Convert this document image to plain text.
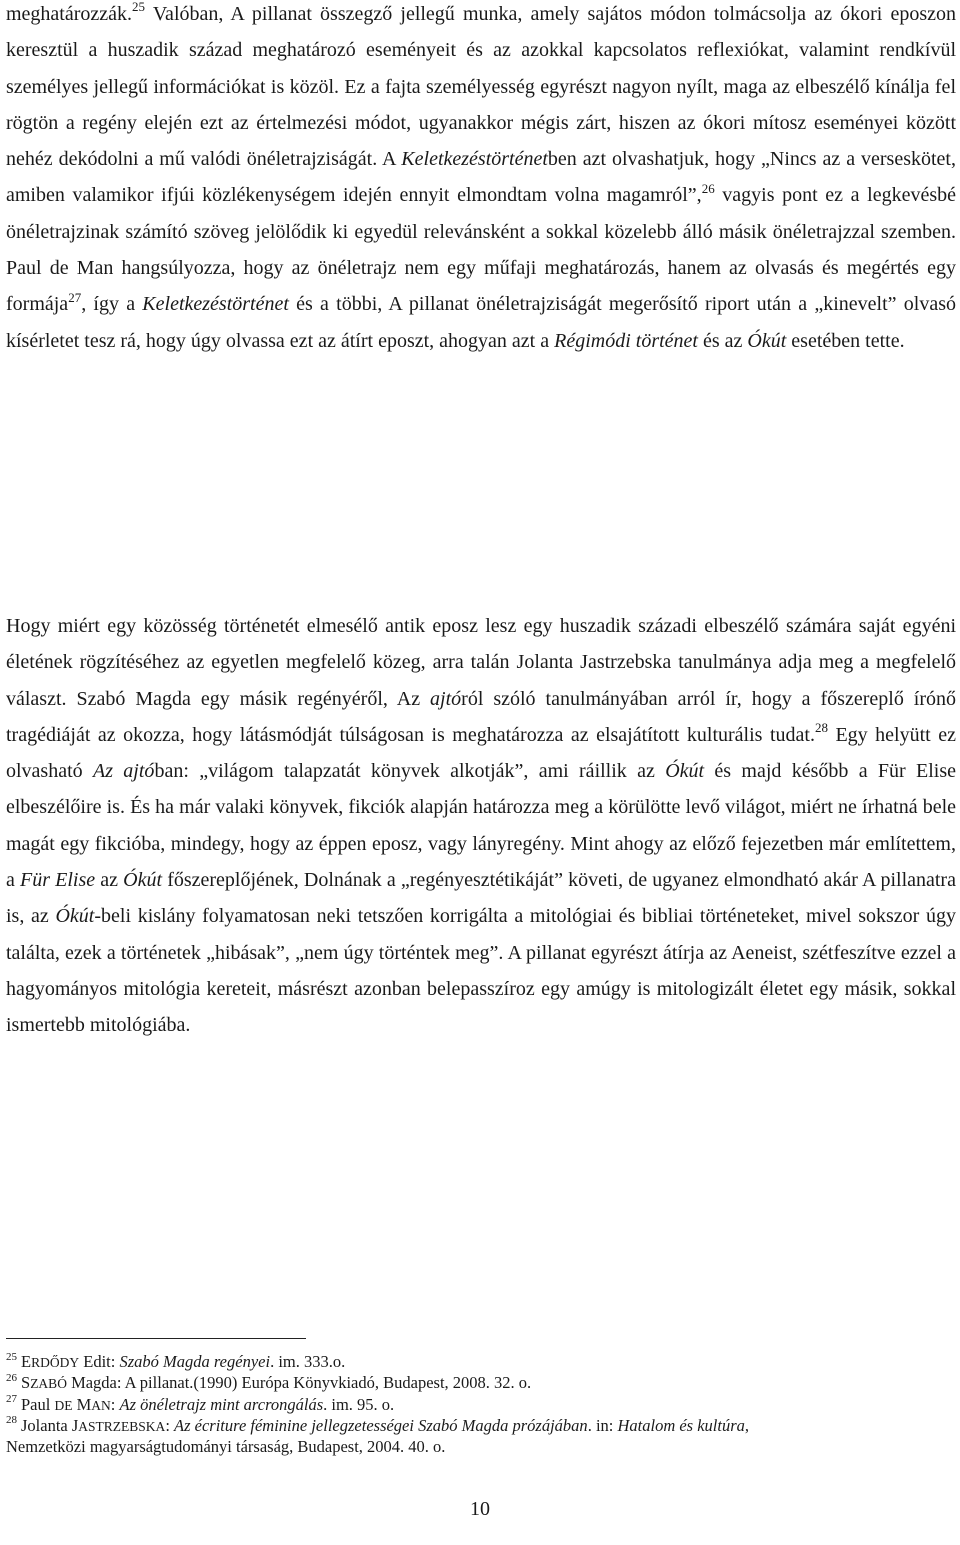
meghatározzák.$^{25}$ Valóban, A pillanat összegző jellegű munka, amely sajátos módon tolmácsolja az ókori eposzon keresztül a huszadik század meghatározó eseményeit és az azokkal kapcsolatos reflexiókat, valamint rendkívül személyes jellegű információkat is közöl. Ez a fajta személyesség egyrészt nagyon nyílt, maga az elbeszélő kínálja fel rögtön a regény elején ezt az értelmezési módot, ugyanakkor mégis zárt, hiszen az ókori mítosz eseményei között nehéz dekódolni a mű valódi önéletrajziságát. A Keletkezéstörténetben azt olvashatjuk, hogy „Nincs az a verseskötet, amiben valamikor ifjúi közlékenységem idején ennyit elmondtam volna magamról”,$^{26}$ vagyis pont ez a legkevésbé önéletrajzinak számító szöveg jelölődik ki egyedül relevánsként a sokkal közelebb álló másik önéletrajzzal szemben. Paul de Man hangsúlyozza, hogy az önéletrajz nem egy műfaji meghatározás, hanem az olvasás és megértés egy formája$^{27}$, így a Keletkezéstörténet és a többi, A pillanat önéletrajziságát megerősítő riport után a „kinevelt” olvasó kísérletet tesz rá, hogy úgy olvassa ezt az átírt eposzt, ahogyan azt a Régimódi történet és az Ókút esetében tette.

Hogy miért egy közösség történetét elmesélő antik eposz lesz egy huszadik századi elbeszélő számára saját egyéni életének rögzítéséhez az egyetlen megfelelő közeg, arra talán Jolanta Jastrzebska tanulmánya adja meg a megfelelő választ. Szabó Magda egy másik regényéről, Az ajtóról szóló tanulmányában arról ír, hogy a főszereplő írónő tragédiáját az okozza, hogy látásmódját túlságosan is meghatározza az elsajátított kulturális tudat.$^{28}$ Egy helyütt ez olvasható Az ajtóban: „világom talapzatát könyvek alkotják”, ami ráillik az Ókút és majd később a Für Elise elbeszélőire is. És ha már valaki könyvek, fikciók alapján határozza meg a körülötte levő világot, miért ne írhatná bele magát egy fikcióba, mindegy, hogy az éppen eposz, vagy lányregény. Mint ahogy az előző fejezetben már említettem, a Für Elise az Ókút főszereplőjének, Dolnának a „regényesztétikáját” követi, de ugyanez elmondható akár A pillanatra is, az Ókút-beli kislány folyamatosan neki tetszően korrigálta a mitológiai és bibliai történeteket, mivel sokszor úgy találta, ezek a történetek „hibásak”, „nem úgy történtek meg”. A pillanat egyrészt átírja az Aeneist, szétfeszítve ezzel a hagyományos mitológia kereteit, másrészt azonban belepasszíroz egy amúgy is mitologizált életet egy másik, sokkal ismertebb mitológiába.

$^{25}$ ERDŐDY Edit: Szabó Magda regényei. im. 333.o.
$^{26}$ SZABÓ Magda: A pillanat.(1990) Európa Könyvkiadó, Budapest, 2008. 32. o.
$^{27}$ Paul DE MAN: Az önéletrajz mint arcrongálás. im. 95. o.
$^{28}$ Jolanta JASTRZEBSKA: Az écriture féminine jellegzetességei Szabó Magda prózájában. in: Hatalom és kultúra,
Nemzetközi magyarságtudományi társaság, Budapest, 2004. 40. o.
10
